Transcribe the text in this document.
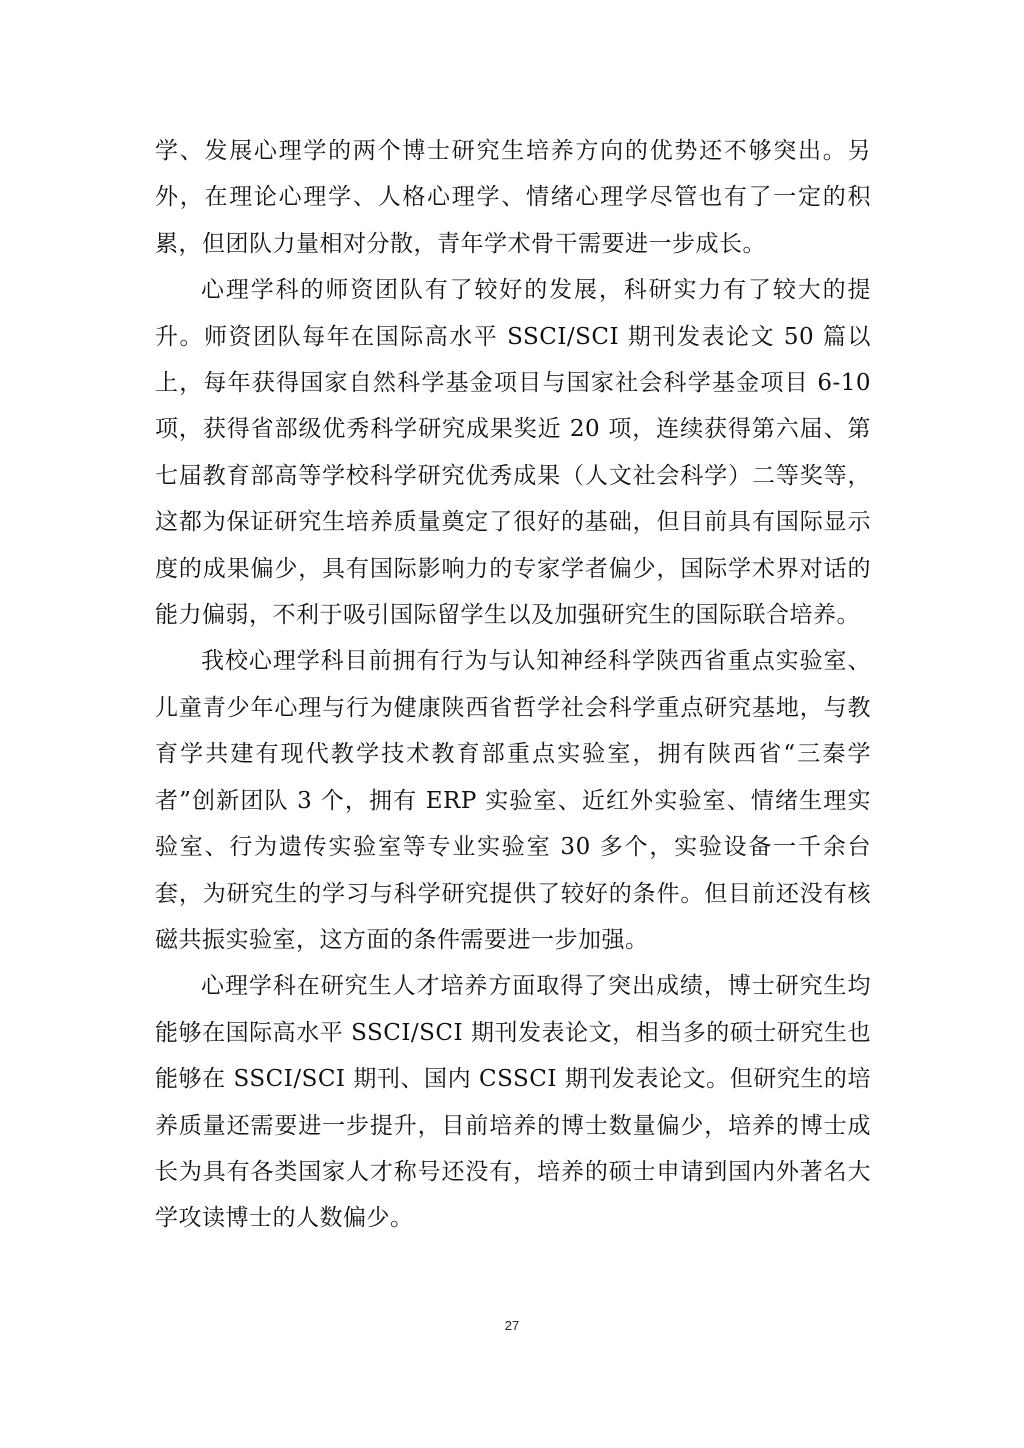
学、发展心理学的两个博士研究生培养方向的优势还不够突出。另外，在理论心理学、人格心理学、情绪心理学尽管也有了一定的积累，但团队力量相对分散，青年学术骨干需要进一步成长。

心理学科的师资团队有了较好的发展，科研实力有了较大的提升。师资团队每年在国际高水平 SSCI/SCI 期刊发表论文 50 篇以上，每年获得国家自然科学基金项目与国家社会科学基金项目 6-10 项，获得省部级优秀科学研究成果奖近 20 项，连续获得第六届、第七届教育部高等学校科学研究优秀成果（人文社会科学）二等奖等，这都为保证研究生培养质量奠定了很好的基础，但目前具有国际显示度的成果偏少，具有国际影响力的专家学者偏少，国际学术界对话的能力偏弱，不利于吸引国际留学生以及加强研究生的国际联合培养。

我校心理学科目前拥有行为与认知神经科学陕西省重点实验室、儿童青少年心理与行为健康陕西省哲学社会科学重点研究基地，与教育学共建有现代教学技术教育部重点实验室，拥有陕西省“三秦学者”创新团队 3 个，拥有 ERP 实验室、近红外实验室、情绪生理实验室、行为遗传实验室等专业实验室 30 多个，实验设备一千余台套，为研究生的学习与科学研究提供了较好的条件。但目前还没有核磁共振实验室，这方面的条件需要进一步加强。

心理学科在研究生人才培养方面取得了突出成绩，博士研究生均能够在国际高水平 SSCI/SCI 期刊发表论文，相当多的硕士研究生也能够在 SSCI/SCI 期刊、国内 CSSCI 期刊发表论文。但研究生的培养质量还需要进一步提升，目前培养的博士数量偏少，培养的博士成长为具有各类国家人才称号还没有，培养的硕士申请到国内外著名大学攻读博士的人数偏少。

27
